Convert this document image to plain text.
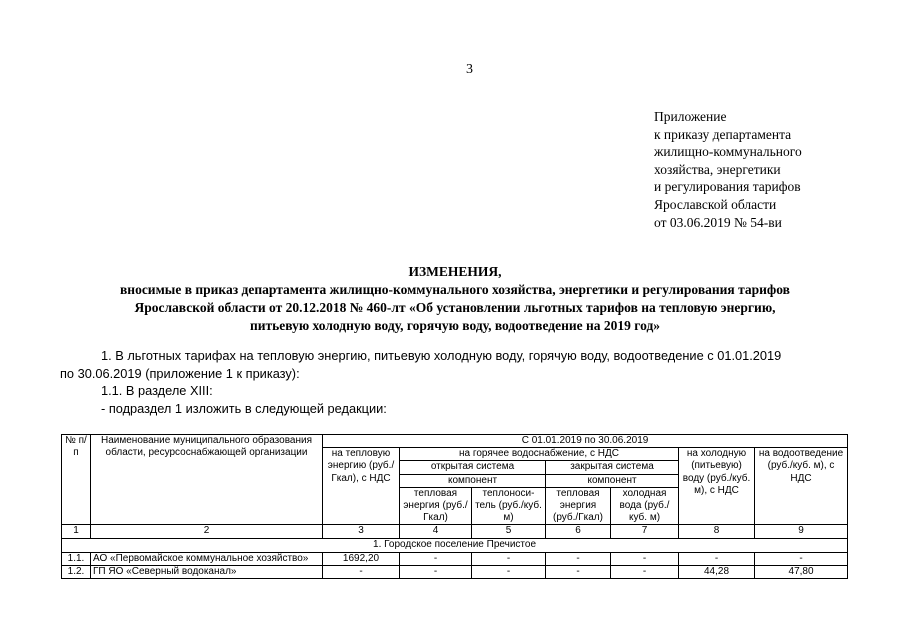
3
Приложение
к приказу департамента
жилищно-коммунального
хозяйства, энергетики
и регулирования тарифов
Ярославской области
от 03.06.2019 № 54-ви
ИЗМЕНЕНИЯ,
вносимые в приказ департамента жилищно-коммунального хозяйства, энергетики и регулирования тарифов
Ярославской области от 20.12.2018 № 460-лт «Об установлении льготных тарифов на тепловую энергию,
питьевую холодную воду, горячую воду, водоотведение на 2019 год»
1. В льготных тарифах на тепловую энергию, питьевую холодную воду, горячую воду, водоотведение с 01.01.2019
по 30.06.2019 (приложение 1 к приказу):
1.1. В разделе XIII:
- подраздел 1 изложить в следующей редакции:
№ п/п	Наименование муниципального образования области, ресурсоснабжающей организации	С 01.01.2019 по 30.06.2019						
		на тепловую энергию (руб./Гкал), с НДС	на горячее водоснабжение, с НДС				на холодную (питьевую) воду (руб./куб. м), с НДС	на водоотведение (руб./куб. м), с НДС
			открытая система		закрытая система			
			компонент		компонент			
			тепловая энергия (руб./Гкал)	теплоноси-тель (руб./куб. м)	тепловая энергия (руб./Гкал)	холодная вода (руб./куб. м)		
1	2	3	4	5	6	7	8	9
1. Городское поселение Пречистое								
1.1.	АО «Первомайское коммунальное хозяйство»	1692,20	-	-	-	-	-	-
1.2.	ГП ЯО «Северный водоканал»	-	-	-	-	-	44,28	47,80
